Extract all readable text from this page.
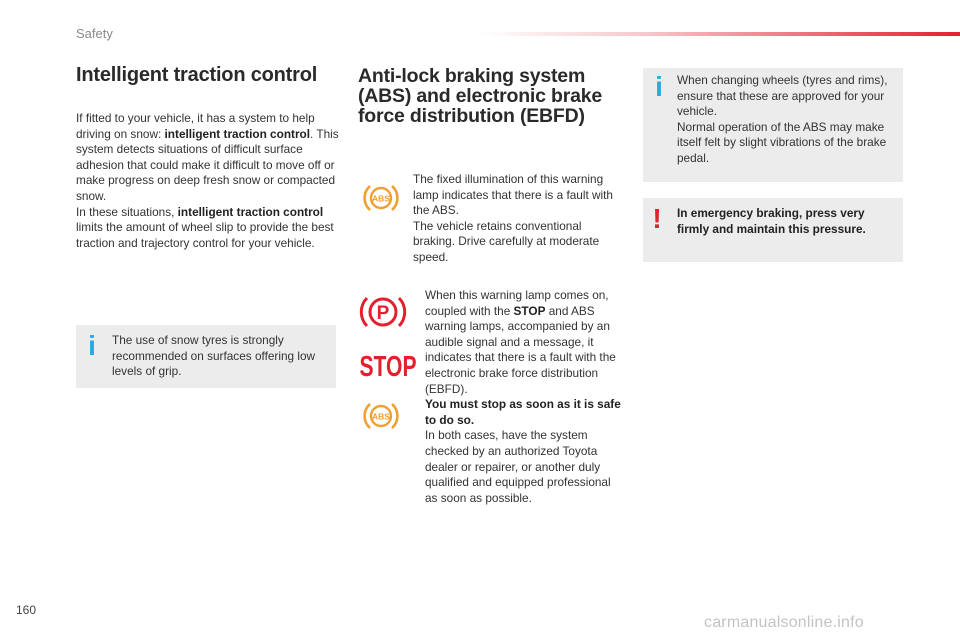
Safety
Intelligent traction control
If fitted to your vehicle, it has a system to help driving on snow: intelligent traction control. This system detects situations of difficult surface adhesion that could make it difficult to move off or make progress on deep fresh snow or compacted snow.
In these situations, intelligent traction control limits the amount of wheel slip to provide the best traction and trajectory control for your vehicle.
i The use of snow tyres is strongly recommended on surfaces offering low levels of grip.
Anti-lock braking system (ABS) and electronic brake force distribution (EBFD)
ABS
The fixed illumination of this warning lamp indicates that there is a fault with the ABS.
The vehicle retains conventional braking. Drive carefully at moderate speed.
P
STOP
ABS
When this warning lamp comes on, coupled with the STOP and ABS warning lamps, accompanied by an audible signal and a message, it indicates that there is a fault with the electronic brake force distribution (EBFD).
You must stop as soon as it is safe to do so.
In both cases, have the system checked by an authorized Toyota dealer or repairer, or another duly qualified and equipped professional as soon as possible.
i When changing wheels (tyres and rims), ensure that these are approved for your vehicle.
Normal operation of the ABS may make itself felt by slight vibrations of the brake pedal.
! In emergency braking, press very firmly and maintain this pressure.
160
carmanualsonline.info
